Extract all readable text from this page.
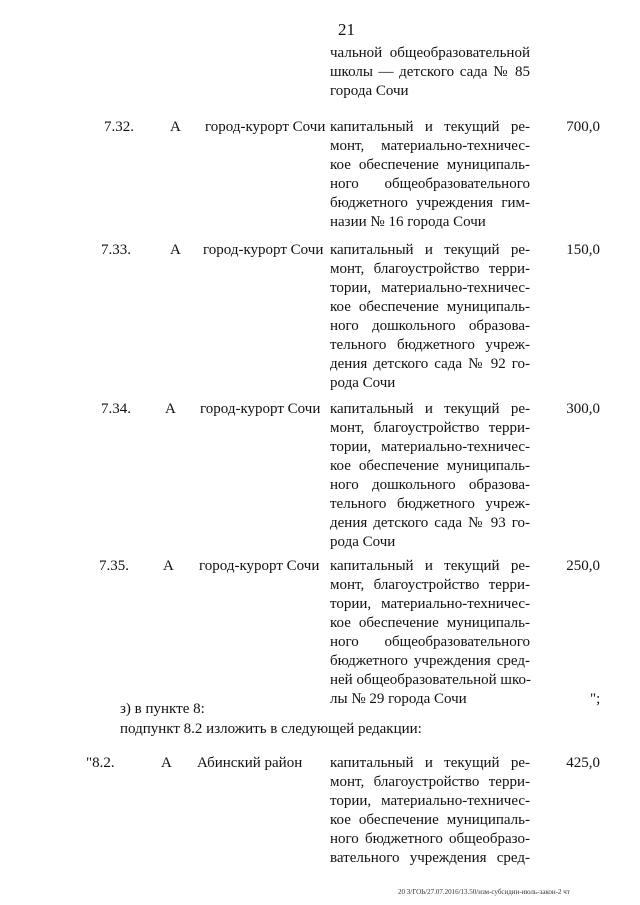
21
чальной общеобразовательной
школы — детского сада № 85
города Сочи
7.32. А город-курорт Сочи капитальный и текущий ре-
монт, материально-техничес-
кое обеспечение муниципаль-
ного общеобразовательного
бюджетного учреждения гим-
назии № 16 города Сочи
700,0
7.33.	А город-курорт Сочи капитальный и текущий ре-
монт, благоустройство терри-
тории, материально-техничес-
кое обеспечение муниципаль-
ного дошкольного образова-
тельного бюджетного учреж-
дения детского сада № 92 го-
рода Сочи
150,0
7.34. А город-курорт Сочи капитальный и текущий ре-
монт, благоустройство терри-
тории, материально-техничес-
кое обеспечение муниципаль-
ного дошкольного образова-
тельного бюджетного учреж-
дения детского сада № 93 го-
рода Сочи
300,0
7.35. А город-курорт Сочи капитальный и текущий ре-
монт, благоустройство терри-
тории, материально-техничес-
кое обеспечение муниципаль-
ного общеобразовательного
бюджетного учреждения сред-
ней общеобразовательной шко-
лы № 29 города Сочи
250,0
";
з) в пункте 8:
подпункт 8.2 изложить в следующей редакции:
"8.2.	А Абинский район капитальный и текущий ре-
монт, благоустройство терри-
тории, материально-техничес-
кое обеспечение муниципаль-
ного бюджетного общеобразо-
вательного учреждения сред-
425,0
20 З/ГОЬ/27.07.2016/13.50/изм-субсидии-июль-закон-2 чт
